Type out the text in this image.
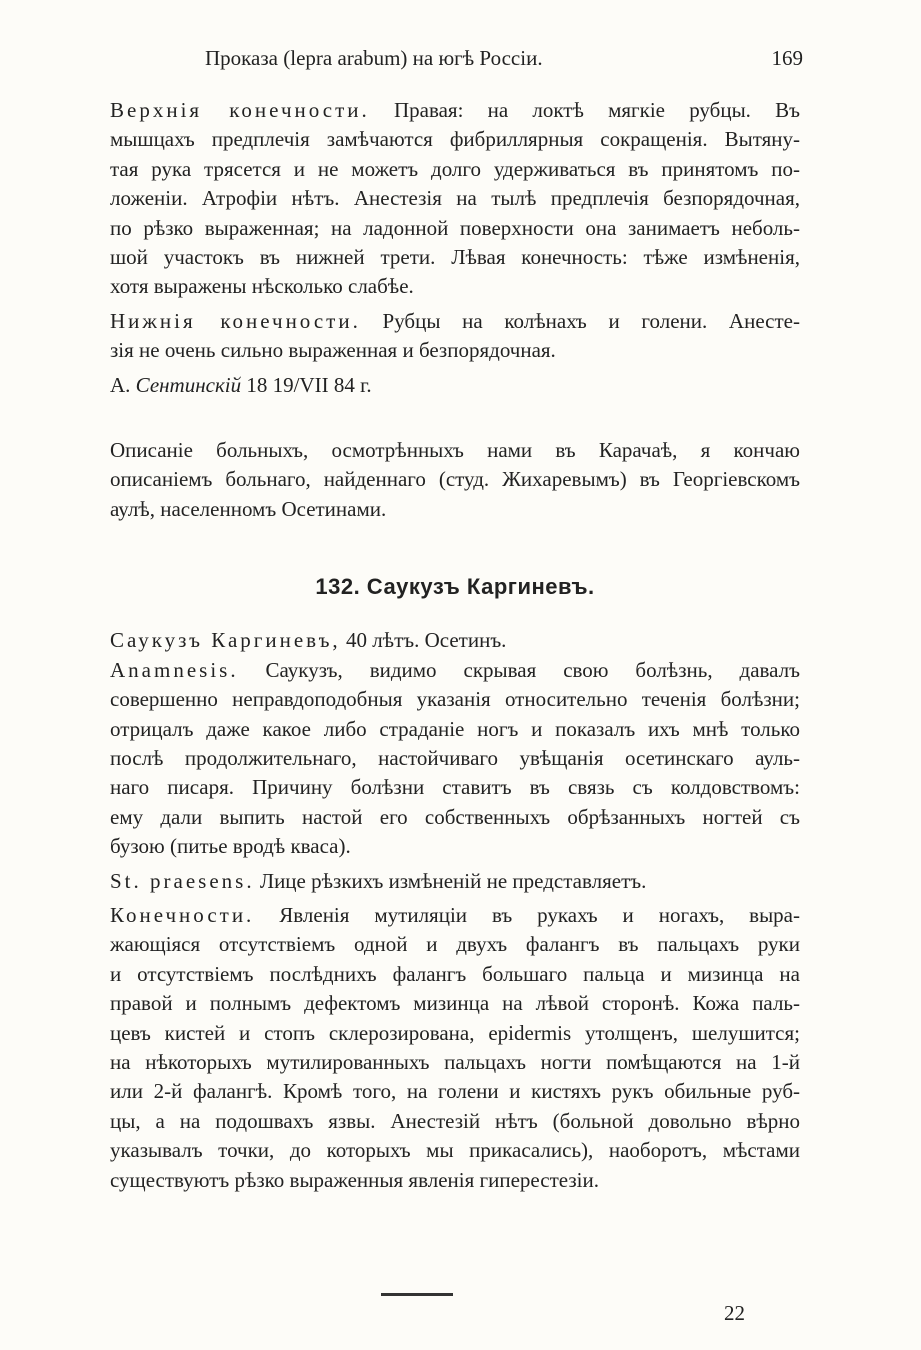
Проказа (lepra arabum) на югѣ Россіи.	169
Верхнія конечности. Правая: на локтѣ мягкіе рубцы. Въ
мышцахъ предплечія замѣчаются фибриллярныя сокращенія. Вытяну-
тая рука трясется и не можетъ долго удерживаться въ принятомъ по-
ложеніи. Атрофіи нѣтъ. Анестезія на тылѣ предплечія безпорядочная,
по рѣзко выраженная; на ладонной поверхности она занимаетъ неболь-
шой участокъ въ нижней трети. Лѣвая конечность: тѣже измѣненія,
хотя выражены нѣсколько слабѣе.
Нижнія конечности. Рубцы на колѣнахъ и голени. Анесте-
зія не очень сильно выраженная и безпорядочная.
А. Сентинскій 18 19/VII 84 г.
Описаніе больныхъ, осмотрѣнныхъ нами въ Карачаѣ, я кончаю
описаніемъ больнаго, найденнаго (студ. Жихаревымъ) въ Георгіевскомъ
аулѣ, населенномъ Осетинами.
132. Саукузъ Каргиневъ.
Саукузъ Каргиневъ, 40 лѣтъ. Осетинъ.
Anamnesis. Саукузъ, видимо скрывая свою болѣзнь, давалъ
совершенно неправдоподобныя указанія относительно теченія болѣзни;
отрицалъ даже какое либо страданіе ногъ и показалъ ихъ мнѣ только
послѣ продолжительнаго, настойчиваго увѣщанія осетинскаго ауль-
наго писаря. Причину болѣзни ставитъ въ связь съ колдовствомъ:
ему дали выпить настой его собственныхъ обрѣзанныхъ ногтей съ
бузою (питье вродѣ кваса).
St. praesens. Лице рѣзкихъ измѣненій не представляетъ.
Конечности. Явленія мутиляціи въ рукахъ и ногахъ, выра-
жающіяся отсутствіемъ одной и двухъ фалангъ въ пальцахъ руки
и отсутствіемъ послѣднихъ фалангъ большаго пальца и мизинца на
правой и полнымъ дефектомъ мизинца на лѣвой сторонѣ. Кожа паль-
цевъ кистей и стопъ склерозирована, epidermis утолщенъ, шелушится;
на нѣкоторыхъ мутилированныхъ пальцахъ ногти помѣщаются на 1-й
или 2-й фалангѣ. Кромѣ того, на голени и кистяхъ рукъ обильные руб-
цы, а на подошвахъ язвы. Анестезій нѣтъ (больной довольно вѣрно
указывалъ точки, до которыхъ мы прикасались), наоборотъ, мѣстами
существуютъ рѣзко выраженныя явленія гиперестезіи.
22
